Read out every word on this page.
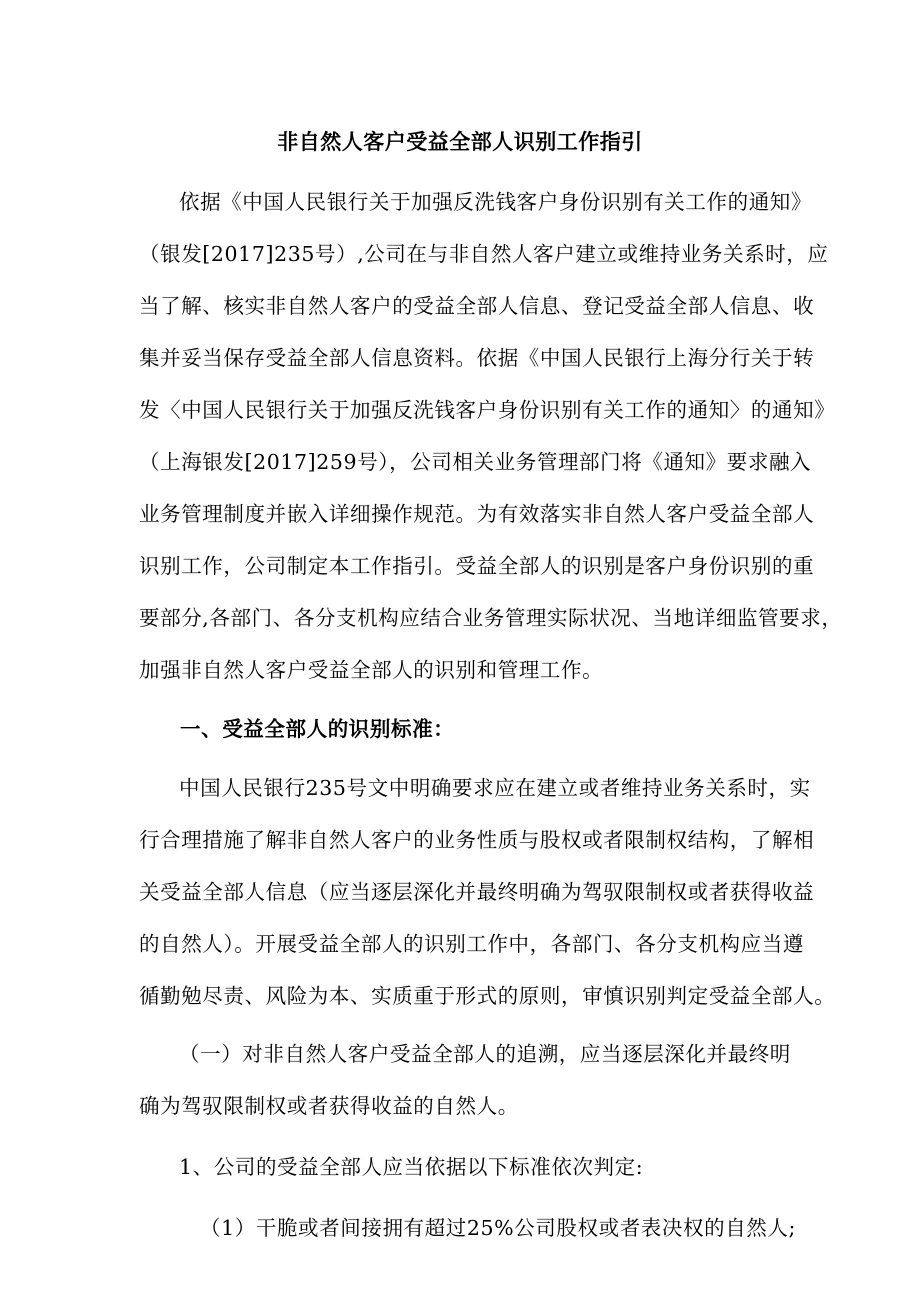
非自然人客户受益全部人识别工作指引
依据《中国人民银行关于加强反洗钱客户身份识别有关工作的通知》
（银发[2017]235号）,公司在与非自然人客户建立或维持业务关系时，应
当了解、核实非自然人客户的受益全部人信息、登记受益全部人信息、收
集并妥当保存受益全部人信息资料。依据《中国人民银行上海分行关于转
发〈中国人民银行关于加强反洗钱客户身份识别有关工作的通知〉的通知》
（上海银发[2017]259号），公司相关业务管理部门将《通知》要求融入
业务管理制度并嵌入详细操作规范。为有效落实非自然人客户受益全部人
识别工作，公司制定本工作指引。受益全部人的识别是客户身份识别的重
要部分,各部门、各分支机构应结合业务管理实际状况、当地详细监管要求，
加强非自然人客户受益全部人的识别和管理工作。
一、受益全部人的识别标准：
中国人民银行235号文中明确要求应在建立或者维持业务关系时，实
行合理措施了解非自然人客户的业务性质与股权或者限制权结构，了解相
关受益全部人信息（应当逐层深化并最终明确为驾驭限制权或者获得收益
的自然人）。开展受益全部人的识别工作中，各部门、各分支机构应当遵
循勤勉尽责、风险为本、实质重于形式的原则，审慎识别判定受益全部人。
（一）对非自然人客户受益全部人的追溯，应当逐层深化并最终明
确为驾驭限制权或者获得收益的自然人。
1、公司的受益全部人应当依据以下标准依次判定:
（1）干脆或者间接拥有超过25%公司股权或者表决权的自然人;
